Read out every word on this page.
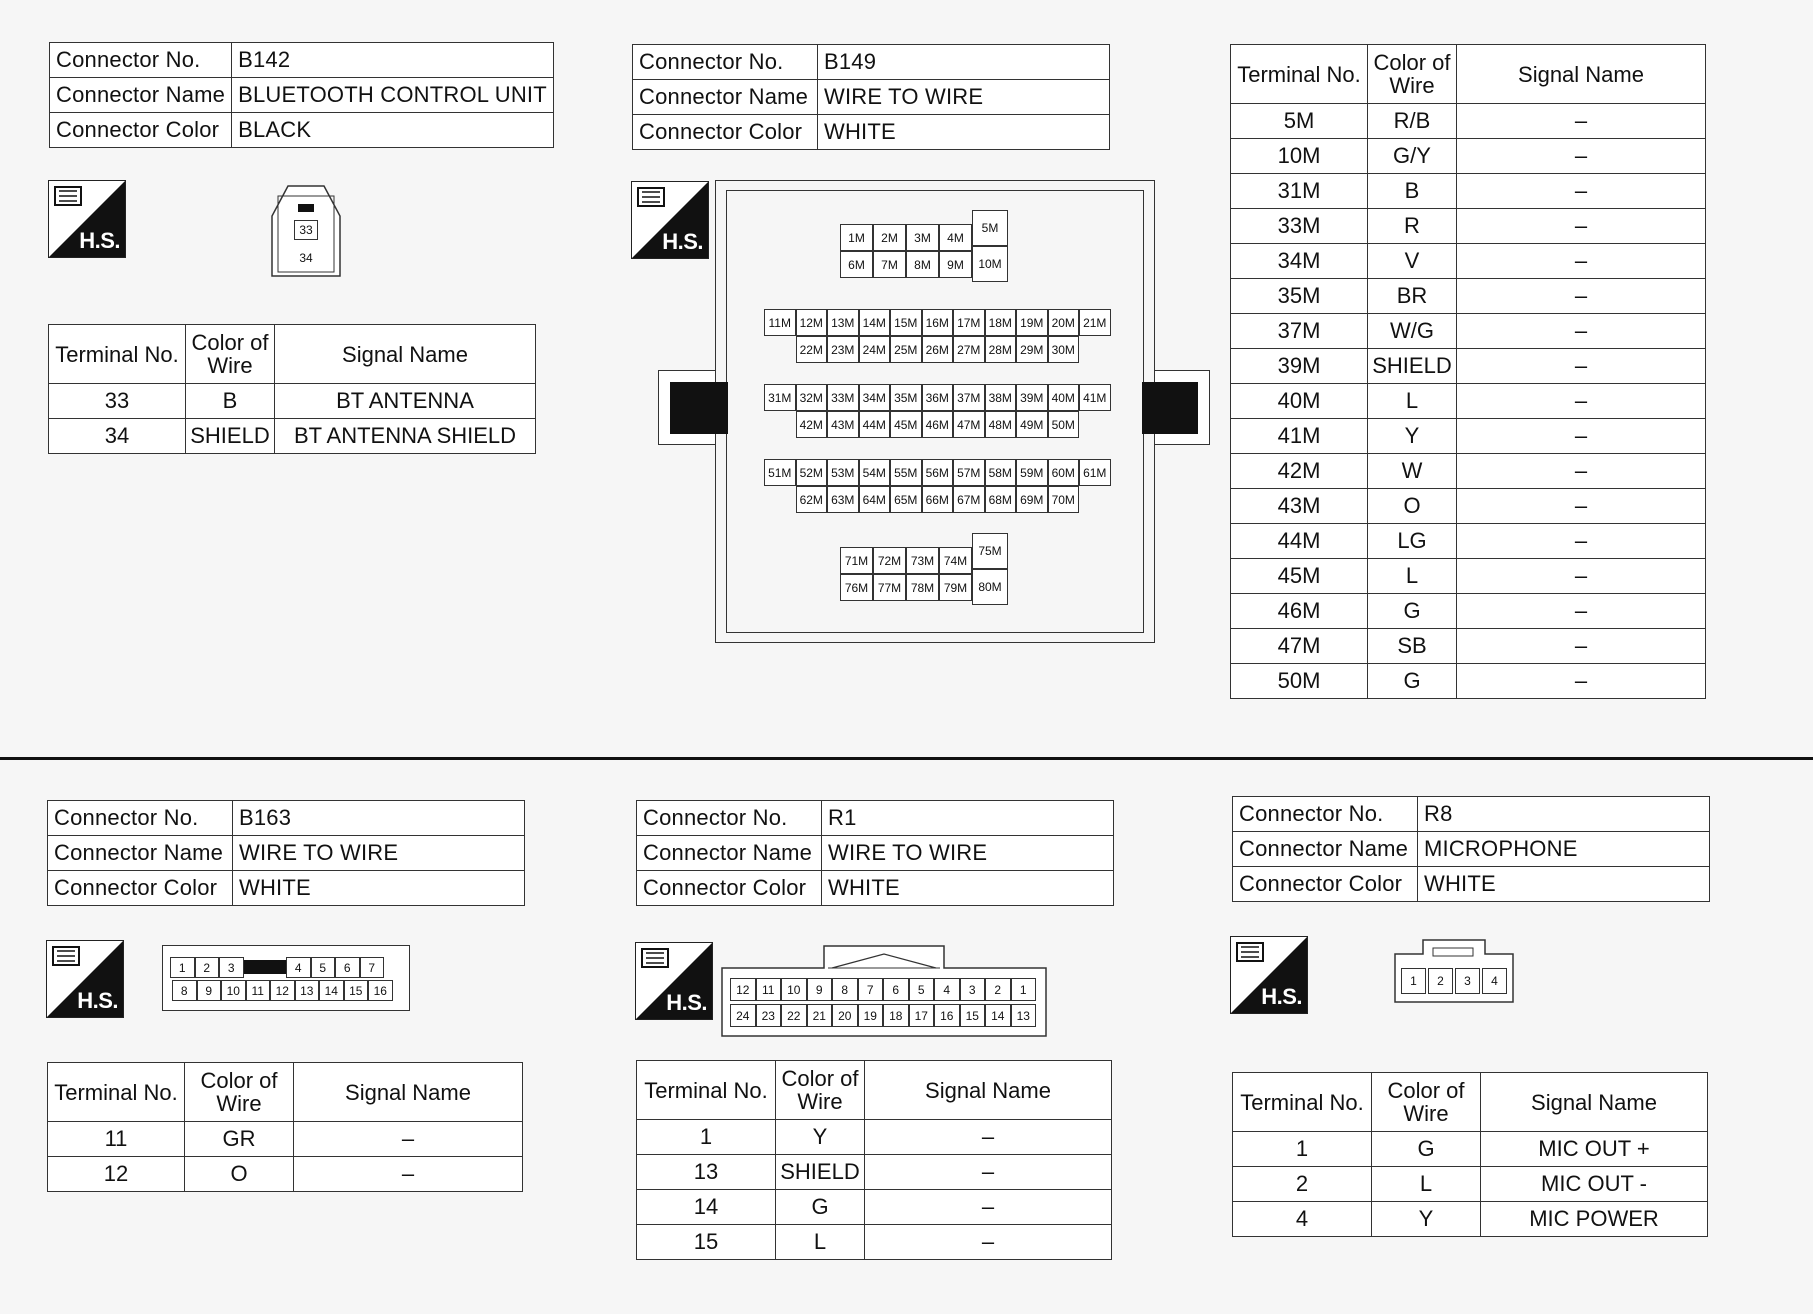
Connector No.	B142
Connector Name	BLUETOOTH CONTROL UNIT
Connector Color	BLACK
H.S.	33
34
Terminal No.	Color of Wire	Signal Name
33	B	BT ANTENNA
34	SHIELD	BT ANTENNA SHIELD
Connector No.	B149
Connector Name	WIRE TO WIRE
Connector Color	WHITE
H.S.	1M	2M	3M	4M
6M	7M	8M	9M
5M
10M
11M 12M 13M 14M 15M 16M 17M 18M 19M 20M 21M
22M 23M 24M 25M 26M 27M 28M 29M 30M
31M 32M 33M 34M 35M 36M 37M 38M 39M 40M 41M
42M 43M 44M 45M 46M 47M 48M 49M 50M
51M 52M 53M 54M 55M 56M 57M 58M 59M 60M 61M
62M 63M 64M 65M 66M 67M 68M 69M 70M
71M 72M 73M 74M
76M 77M 78M 79M
75M
80M
Terminal No.	Color of Wire	Signal Name
5M	R/B	–
10M	G/Y	–
31M	B	–
33M	R	–
34M	V	–
35M	BR	–
37M	W/G	–
39M	SHIELD	–
40M	L	–
41M	Y	–
42M	W	–
43M	O	–
44M	LG	–
45M	L	–
46M	G	–
47M	SB	–
50M	G	–
Connector No.	B163
Connector Name	WIRE TO WIRE
Connector Color	WHITE
H.S.
1	2	3	4	5	6	7
8	9	10 11 12 13 14 15 16
Terminal No.	Color of Wire	Signal Name
11	GR	–
12	O	–
Connector No.	R1
Connector Name	WIRE TO WIRE
Connector Color	WHITE
H.S.
12	11	10	9	8	7	6	5	4	3	2	1
24	23	22	21	20	19	18	17	16	15	14	13
Terminal No.	Color of Wire	Signal Name
1	Y	–
13	SHIELD	–
14	G	–
15	L	–
Connector No.	R8
Connector Name	MICROPHONE
Connector Color	WHITE
H.S.
1	2	3	4
Terminal No.	Color of Wire	Signal Name
1	G	MIC OUT +
2	L	MIC OUT -
4	Y	MIC POWER
